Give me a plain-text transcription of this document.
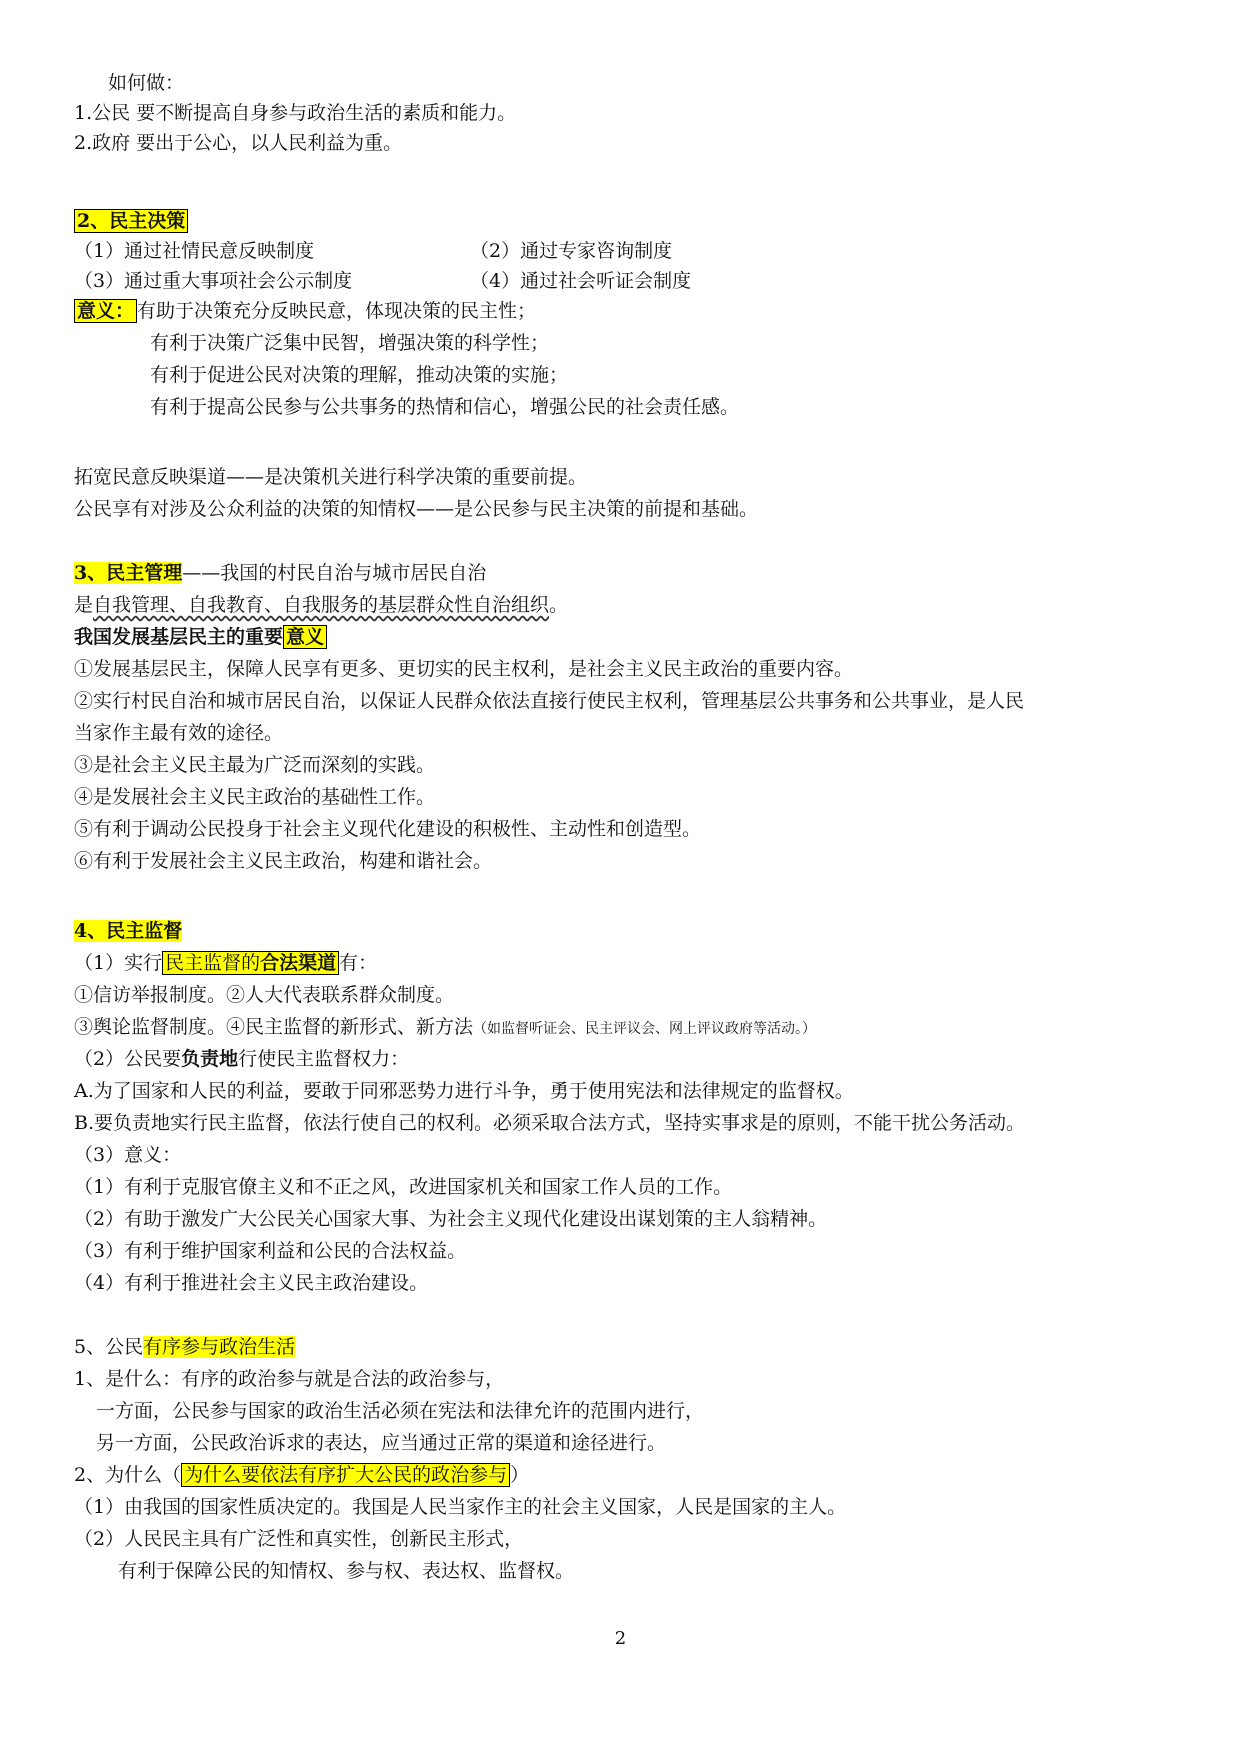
如何做：
1.公民 要不断提高自身参与政治生活的素质和能力。
2.政府 要出于公心，以人民利益为重。
2、民主决策
（1）通过社情民意反映制度	（2）通过专家咨询制度
（3）通过重大事项社会公示制度	（4）通过社会听证会制度
意义： 有助于决策充分反映民意，体现决策的民主性；
有利于决策广泛集中民智，增强决策的科学性；
有利于促进公民对决策的理解，推动决策的实施；
有利于提高公民参与公共事务的热情和信心，增强公民的社会责任感。
拓宽民意反映渠道——是决策机关进行科学决策的重要前提。
公民享有对涉及公众利益的决策的知情权——是公民参与民主决策的前提和基础。
3、民主管理——我国的村民自治与城市居民自治
是自我管理、自我教育、自我服务的基层群众性自治组织。
我国发展基层民主的重要 意义
①发展基层民主，保障人民享有更多、更切实的民主权利，是社会主义民主政治的重要内容。
②实行村民自治和城市居民自治，以保证人民群众依法直接行使民主权利，管理基层公共事务和公共事业，是人民
当家作主最有效的途径。
③是社会主义民主最为广泛而深刻的实践。
④是发展社会主义民主政治的基础性工作。
⑤有利于调动公民投身于社会主义现代化建设的积极性、主动性和创造型。
⑥有利于发展社会主义民主政治，构建和谐社会。
4、民主监督
（1）实行 民主监督的合法渠道 有：
①信访举报制度。②人大代表联系群众制度。
③舆论监督制度。④民主监督的新形式、新方法（如监督听证会、民主评议会、网上评议政府等活动。）
（2）公民要负责地行使民主监督权力：
A.为了国家和人民的利益，要敢于同邪恶势力进行斗争，勇于使用宪法和法律规定的监督权。
B.要负责地实行民主监督，依法行使自己的权利。必须采取合法方式，坚持实事求是的原则，不能干扰公务活动。
（3）意义：
（1）有利于克服官僚主义和不正之风，改进国家机关和国家工作人员的工作。
（2）有助于激发广大公民关心国家大事、为社会主义现代化建设出谋划策的主人翁精神。
（3）有利于维护国家利益和公民的合法权益。
（4）有利于推进社会主义民主政治建设。
5、公民有序参与政治生活
1、是什么：有序的政治参与就是合法的政治参与，
一方面，公民参与国家的政治生活必须在宪法和法律允许的范围内进行，
另一方面，公民政治诉求的表达，应当通过正常的渠道和途径进行。
2、为什么（ 为什么要依法有序扩大公民的政治参与 ）
（1）由我国的国家性质决定的。我国是人民当家作主的社会主义国家，人民是国家的主人。
（2）人民民主具有广泛性和真实性，创新民主形式，
有利于保障公民的知情权、参与权、表达权、监督权。
2
